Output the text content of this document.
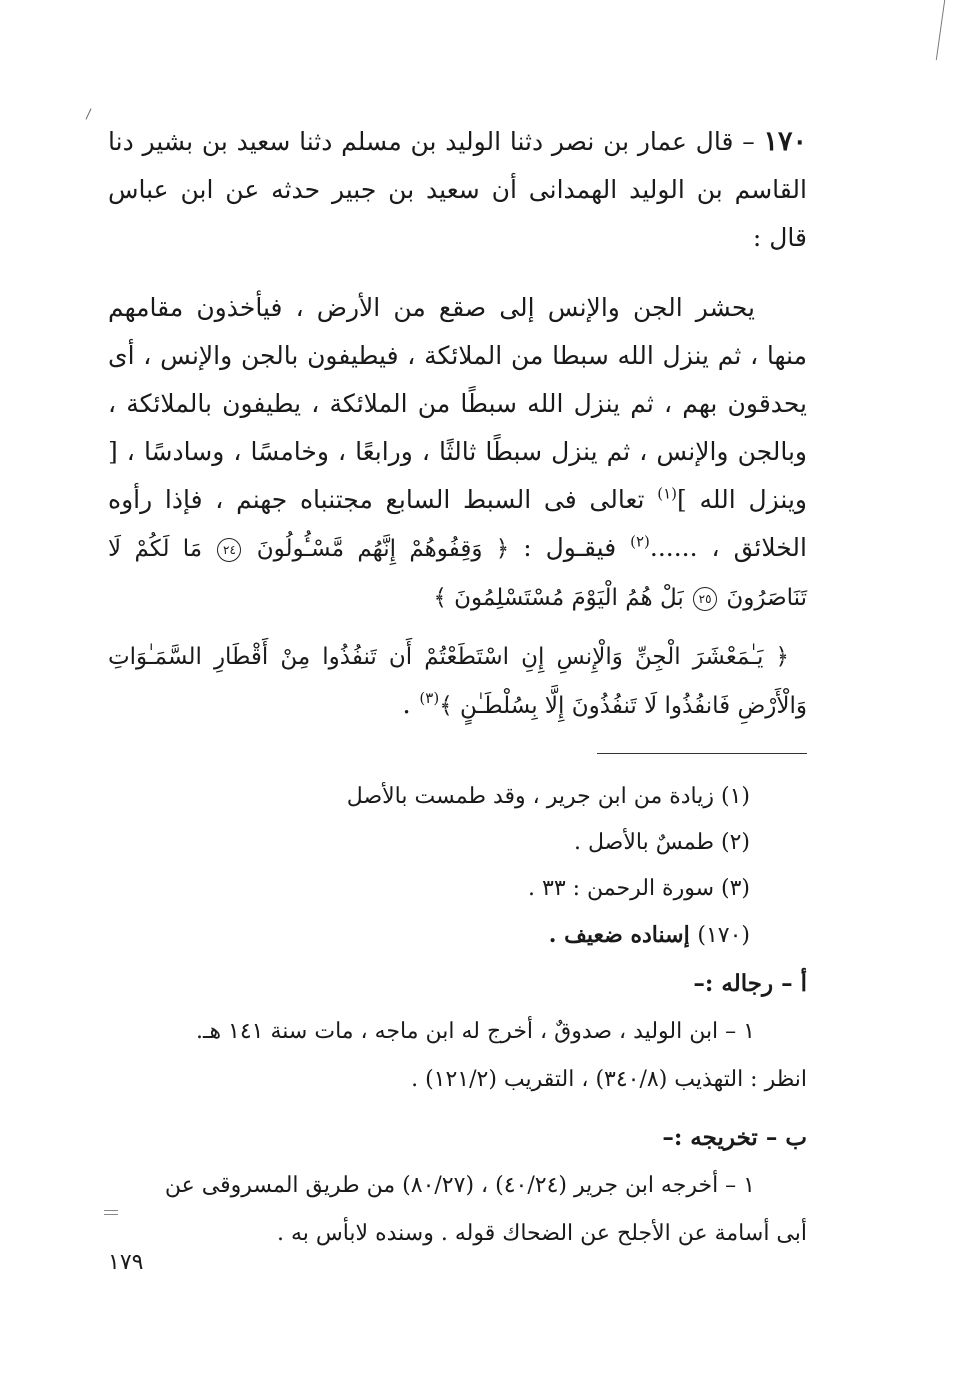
١٧٠ – قال عمار بن نصر دثنا الوليد بن مسلم دثنا سعيد بن بشير دنا القاسم بن الوليد الهمدانى أن سعيد بن جبير حدثه عن ابن عباس قال :

يحشر الجن والإنس إلى صقع من الأرض ، فيأخذون مقامهم منها ، ثم ينزل الله سبطا من الملائكة ، فيطيفون بالجن والإنس ، أى يحدقون بهم ، ثم ينزل الله سبطًا من الملائكة ، يطيفون بالملائكة ، وبالجن والإنس ، ثم ينزل سبطًا ثالثًا ، ورابعًا ، وخامسًا ، وسادسًا ، [ وينزل الله ]$^{(١)}$ تعالى فى السبط السابع مجتنباه جهنم ، فإذا رأوه الخلائق ، ......$^{(٢)}$ فيقـول : ﴿ وَقِفُوهُمْ إِنَّهُم مَّسْـُٔولُونَ ٢٤ مَا لَكُمْ لَا تَنَاصَرُونَ ٢٥ بَلْ هُمُ الْيَوْمَ مُسْتَسْلِمُونَ ﴾

﴿ يَـٰمَعْشَرَ الْجِنِّ وَالْإِنسِ إِنِ اسْتَطَعْتُمْ أَن تَنفُذُوا مِنْ أَقْطَارِ السَّمَـٰوَاتِ وَالْأَرْضِ فَانفُذُوا لَا تَنفُذُونَ إِلَّا بِسُلْطَـٰنٍ ﴾$^{(٣)}$ .

(١) زيادة من ابن جرير ، وقد طمست بالأصل

(٢) طمسٌ بالأصل .

(٣) سورة الرحمن : ٣٣ .

(١٧٠) إسناده ضعيف .

أ – رجاله :–

١ – ابن الوليد ، صدوقٌ ، أخرج له ابن ماجه ، مات سنة ١٤١ هـ.

انظر : التهذيب (٣٤٠/٨) ، التقريب (١٢١/٢) .

ب – تخريجه :–

١ – أخرجه ابن جرير (٤٠/٢٤) ، (٨٠/٢٧) من طريق المسروقى عن

أبى أسامة عن الأجلح عن الضحاك قوله . وسنده لابأس به .

١٧٩
